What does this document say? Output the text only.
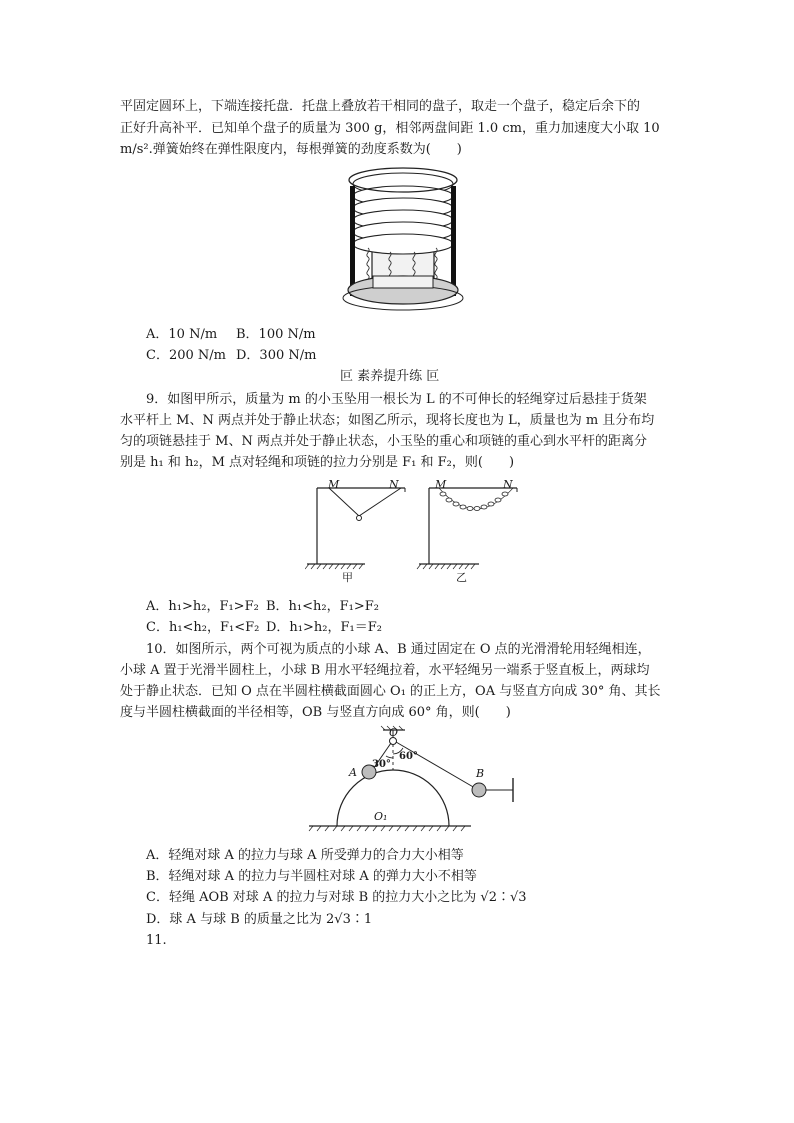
平固定圆环上，下端连接托盘．托盘上叠放若干相同的盘子，取走一个盘子，稳定后余下的
正好升高补平．已知单个盘子的质量为 300 g，相邻两盘间距 1.0 cm，重力加速度大小取 10
m/s².弹簧始终在弹性限度内，每根弹簧的劲度系数为(　　)
A．10 N/m B．100 N/m
C．200 N/m D．300 N/m
叵 素养提升练 叵
9．如图甲所示，质量为 m 的小玉坠用一根长为 L 的不可伸长的轻绳穿过后悬挂于货架
水平杆上 M、N 两点并处于静止状态；如图乙所示，现将长度也为 L，质量也为 m 且分布均
匀的项链悬挂于 M、N 两点并处于静止状态，小玉坠的重心和项链的重心到水平杆的距离分
别是 h₁ 和 h₂，M 点对轻绳和项链的拉力分别是 F₁ 和 F₂，则(　　)
M	N	M	N
甲	乙
A．h₁>h₂，F₁>F₂ B．h₁<h₂，F₁>F₂
C．h₁<h₂，F₁<F₂ D．h₁>h₂，F₁＝F₂
10．如图所示，两个可视为质点的小球 A、B 通过固定在 O 点的光滑滑轮用轻绳相连，
小球 A 置于光滑半圆柱上，小球 B 用水平轻绳拉着，水平轻绳另一端系于竖直板上，两球均
处于静止状态．已知 O 点在半圆柱横截面圆心 O₁ 的正上方，OA 与竖直方向成 30° 角、其长
度与半圆柱横截面的半径相等，OB 与竖直方向成 60° 角，则(　　)
O
30°
60°
A	B
O₁
A．轻绳对球 A 的拉力与球 A 所受弹力的合力大小相等
B．轻绳对球 A 的拉力与半圆柱对球 A 的弹力大小不相等
C．轻绳 AOB 对球 A 的拉力与对球 B 的拉力大小之比为 √2∶√3
D．球 A 与球 B 的质量之比为 2√3∶1
11.
